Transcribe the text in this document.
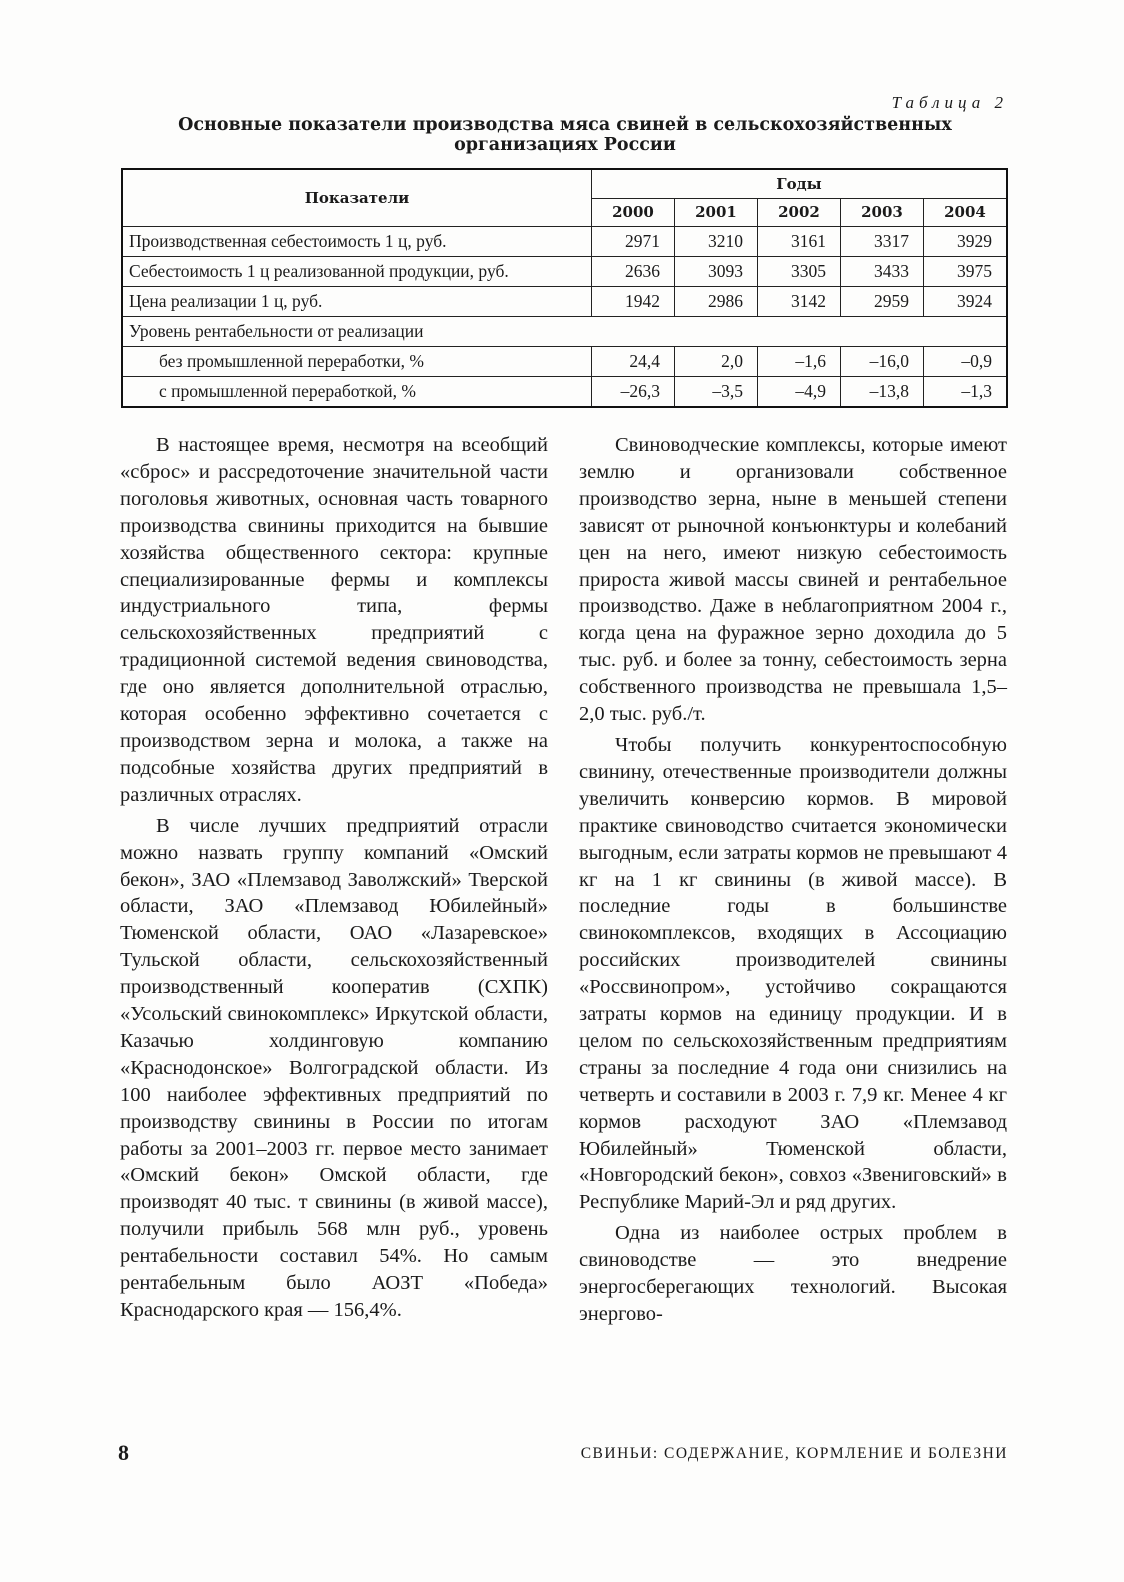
Таблица 2
Основные показатели производства мяса свиней в сельскохозяйственных
организациях России
Показатели	Годы				
	2000	2001	2002	2003	2004
Производственная себестоимость 1 ц, руб.	2971	3210	3161	3317	3929
Себестоимость 1 ц реализованной продукции, руб.	2636	3093	3305	3433	3975
Цена реализации 1 ц, руб.	1942	2986	3142	2959	3924
Уровень рентабельности от реализации					
без промышленной переработки, %	24,4	2,0	–1,6	–16,0	–0,9
с промышленной переработкой, %	–26,3	–3,5	–4,9	–13,8	–1,3

В настоящее время, несмотря на всеобщий «сброс» и рассредоточение значительной части поголовья животных, основная часть товарного производства свинины приходится на бывшие хозяйства общественного сектора: крупные специализированные фермы и комплексы индустриального типа, фермы сельскохозяйственных предприятий с традиционной системой ведения свиноводства, где оно является дополнительной отраслью, которая особенно эффективно сочетается с производством зерна и молока, а также на подсобные хозяйства других предприятий в различных отраслях.

В числе лучших предприятий отрасли можно назвать группу компаний «Омский бекон», ЗАО «Племзавод Заволжский» Тверской области, ЗАО «Племзавод Юбилейный» Тюменской области, ОАО «Лазаревское» Тульской области, сельскохозяйственный производственный кооператив (СХПК) «Усольский свинокомплекс» Иркутской области, Казачью холдинговую компанию «Краснодонское» Волгоградской области. Из 100 наиболее эффективных предприятий по производству свинины в России по итогам работы за 2001–2003 гг. первое место занимает «Омский бекон» Омской области, где производят 40 тыс. т свинины (в живой массе), получили прибыль 568 млн руб., уровень рентабельности составил 54%. Но самым рентабельным было АОЗТ «Победа» Краснодарского края — 156,4%.

Свиноводческие комплексы, которые имеют землю и организовали собственное производство зерна, ныне в меньшей степени зависят от рыночной конъюнктуры и колебаний цен на него, имеют низкую себестоимость прироста живой массы свиней и рентабельное производство. Даже в неблагоприятном 2004 г., когда цена на фуражное зерно доходила до 5 тыс. руб. и более за тонну, себестоимость зерна собственного производства не превышала 1,5–2,0 тыс. руб./т.

Чтобы получить конкурентоспособную свинину, отечественные производители должны увеличить конверсию кормов. В мировой практике свиноводство считается экономически выгодным, если затраты кормов не превышают 4 кг на 1 кг свинины (в живой массе). В последние годы в большинстве свинокомплексов, входящих в Ассоциацию российских производителей свинины «Россвинопром», устойчиво сокращаются затраты кормов на единицу продукции. И в целом по сельскохозяйственным предприятиям страны за последние 4 года они снизились на четверть и составили в 2003 г. 7,9 кг. Менее 4 кг кормов расходуют ЗАО «Племзавод Юбилейный» Тюменской области, «Новгородский бекон», совхоз «Звениговский» в Республике Марий-Эл и ряд других.

Одна из наиболее острых проблем в свиноводстве — это внедрение энергосберегающих технологий. Высокая энергово-

8	СВИНЬИ: СОДЕРЖАНИЕ, КОРМЛЕНИЕ И БОЛЕЗНИ
